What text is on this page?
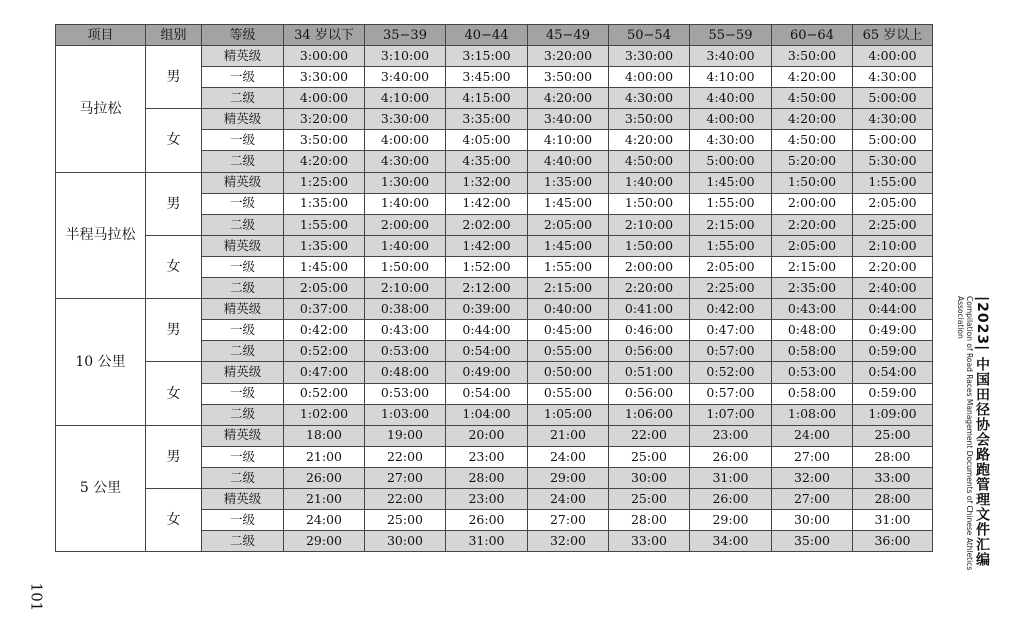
项目	组别	等级	34 岁以下	35−39	40−44	45−49	50−54	55−59	60−64	65 岁以上
马拉松	男	精英级	3:00:00	3:10:00	3:15:00	3:20:00	3:30:00	3:40:00	3:50:00	4:00:00
		一级	3:30:00	3:40:00	3:45:00	3:50:00	4:00:00	4:10:00	4:20:00	4:30:00
		二级	4:00:00	4:10:00	4:15:00	4:20:00	4:30:00	4:40:00	4:50:00	5:00:00
	女	精英级	3:20:00	3:30:00	3:35:00	3:40:00	3:50:00	4:00:00	4:20:00	4:30:00
		一级	3:50:00	4:00:00	4:05:00	4:10:00	4:20:00	4:30:00	4:50:00	5:00:00
		二级	4:20:00	4:30:00	4:35:00	4:40:00	4:50:00	5:00:00	5:20:00	5:30:00
半程马拉松	男	精英级	1:25:00	1:30:00	1:32:00	1:35:00	1:40:00	1:45:00	1:50:00	1:55:00
		一级	1:35:00	1:40:00	1:42:00	1:45:00	1:50:00	1:55:00	2:00:00	2:05:00
		二级	1:55:00	2:00:00	2:02:00	2:05:00	2:10:00	2:15:00	2:20:00	2:25:00
	女	精英级	1:35:00	1:40:00	1:42:00	1:45:00	1:50:00	1:55:00	2:05:00	2:10:00
		一级	1:45:00	1:50:00	1:52:00	1:55:00	2:00:00	2:05:00	2:15:00	2:20:00
		二级	2:05:00	2:10:00	2:12:00	2:15:00	2:20:00	2:25:00	2:35:00	2:40:00
10 公里	男	精英级	0:37:00	0:38:00	0:39:00	0:40:00	0:41:00	0:42:00	0:43:00	0:44:00
		一级	0:42:00	0:43:00	0:44:00	0:45:00	0:46:00	0:47:00	0:48:00	0:49:00
		二级	0:52:00	0:53:00	0:54:00	0:55:00	0:56:00	0:57:00	0:58:00	0:59:00
	女	精英级	0:47:00	0:48:00	0:49:00	0:50:00	0:51:00	0:52:00	0:53:00	0:54:00
		一级	0:52:00	0:53:00	0:54:00	0:55:00	0:56:00	0:57:00	0:58:00	0:59:00
		二级	1:02:00	1:03:00	1:04:00	1:05:00	1:06:00	1:07:00	1:08:00	1:09:00
5 公里	男	精英级	18:00	19:00	20:00	21:00	22:00	23:00	24:00	25:00
		一级	21:00	22:00	23:00	24:00	25:00	26:00	27:00	28:00
		二级	26:00	27:00	28:00	29:00	30:00	31:00	32:00	33:00
	女	精英级	21:00	22:00	23:00	24:00	25:00	26:00	27:00	28:00
		一级	24:00	25:00	26:00	27:00	28:00	29:00	30:00	31:00
		二级	29:00	30:00	31:00	32:00	33:00	34:00	35:00	36:00
101
Compilation of Road Races Management Documents of Chinese Athletics Association |2023| 中国田径协会路跑管理文件汇编
